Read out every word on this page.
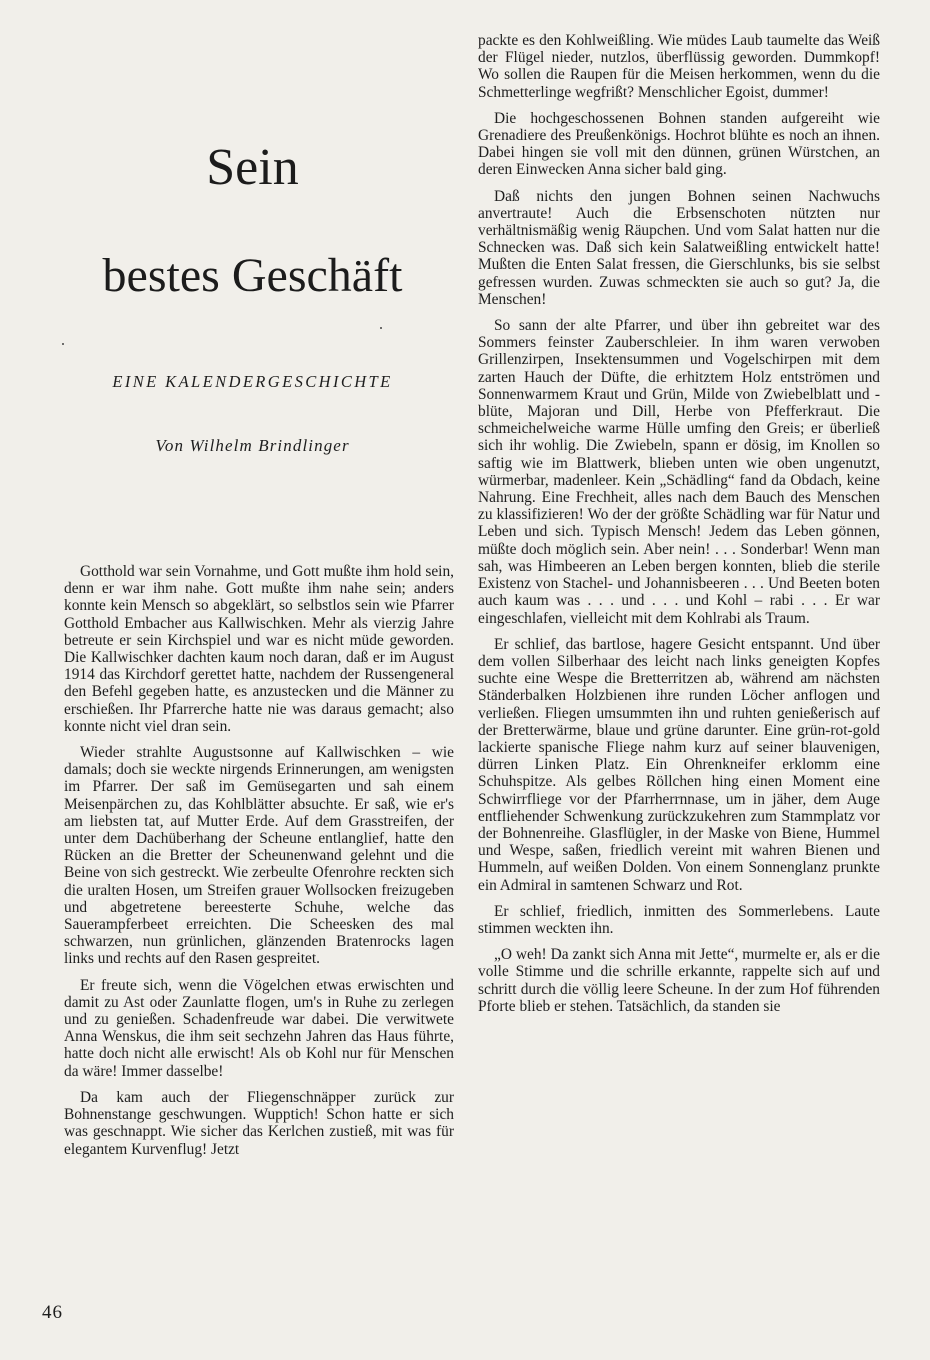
Sein
bestes Geschäft

EINE KALENDERGESCHICHTE

Von Wilhelm Brindlinger

Gotthold war sein Vornahme, und Gott mußte ihm hold sein, denn er war ihm nahe. Gott mußte ihm nahe sein; anders konnte kein Mensch so abgeklärt, so selbstlos sein wie Pfarrer Gotthold Embacher aus Kallwischken. Mehr als vierzig Jahre betreute er sein Kirchspiel und war es nicht müde geworden. Die Kallwischker dachten kaum noch daran, daß er im August 1914 das Kirchdorf gerettet hatte, nachdem der Russengeneral den Befehl gegeben hatte, es anzustecken und die Männer zu erschießen. Ihr Pfarrerche hatte nie was daraus gemacht; also konnte nicht viel dran sein.

Wieder strahlte Augustsonne auf Kallwischken – wie damals; doch sie weckte nirgends Erinnerungen, am wenigsten im Pfarrer. Der saß im Gemüsegarten und sah einem Meisenpärchen zu, das Kohlblätter absuchte. Er saß, wie er's am liebsten tat, auf Mutter Erde. Auf dem Grasstreifen, der unter dem Dachüberhang der Scheune entlanglief, hatte den Rücken an die Bretter der Scheunenwand gelehnt und die Beine von sich gestreckt. Wie zerbeulte Ofenrohre reckten sich die uralten Hosen, um Streifen grauer Wollsocken freizugeben und abgetretene bereesterte Schuhe, welche das Sauerampferbeet erreichten. Die Scheesken des mal schwarzen, nun grünlichen, glänzenden Bratenrocks lagen links und rechts auf den Rasen gespreitet.

Er freute sich, wenn die Vögelchen etwas erwischten und damit zu Ast oder Zaunlatte flogen, um's in Ruhe zu zerlegen und zu genießen. Schadenfreude war dabei. Die verwitwete Anna Wenskus, die ihm seit sechzehn Jahren das Haus führte, hatte doch nicht alle erwischt! Als ob Kohl nur für Menschen da wäre! Immer dasselbe!

Da kam auch der Fliegenschnäpper zurück zur Bohnenstange geschwungen. Wupptich! Schon hatte er sich was geschnappt. Wie sicher das Kerlchen zustieß, mit was für elegantem Kurvenflug! Jetzt

packte es den Kohlweißling. Wie müdes Laub taumelte das Weiß der Flügel nieder, nutzlos, überflüssig geworden. Dummkopf! Wo sollen die Raupen für die Meisen herkommen, wenn du die Schmetterlinge wegfrißt? Menschlicher Egoist, dummer!

Die hochgeschossenen Bohnen standen aufgereiht wie Grenadiere des Preußenkönigs. Hochrot blühte es noch an ihnen. Dabei hingen sie voll mit den dünnen, grünen Würstchen, an deren Einwecken Anna sicher bald ging.

Daß nichts den jungen Bohnen seinen Nachwuchs anvertraute! Auch die Erbsenschoten nützten nur verhältnismäßig wenig Räupchen. Und vom Salat hatten nur die Schnecken was. Daß sich kein Salatweißling entwickelt hatte! Mußten die Enten Salat fressen, die Gierschlunks, bis sie selbst gefressen wurden. Zuwas schmeckten sie auch so gut? Ja, die Menschen!

So sann der alte Pfarrer, und über ihn gebreitet war des Sommers feinster Zauberschleier. In ihm waren verwoben Grillenzirpen, Insektensummen und Vogelschirpen mit dem zarten Hauch der Düfte, die erhitztem Holz entströmen und Sonnenwarmem Kraut und Grün, Milde von Zwiebelblatt und -blüte, Majoran und Dill, Herbe von Pfefferkraut. Die schmeichelweiche warme Hülle umfing den Greis; er überließ sich ihr wohlig. Die Zwiebeln, spann er dösig, im Knollen so saftig wie im Blattwerk, blieben unten wie oben ungenutzt, würmerbar, madenleer. Kein „Schädling“ fand da Obdach, keine Nahrung. Eine Frechheit, alles nach dem Bauch des Menschen zu klassifizieren! Wo der der größte Schädling war für Natur und Leben und sich. Typisch Mensch! Jedem das Leben gönnen, müßte doch möglich sein. Aber nein! . . . Sonderbar! Wenn man sah, was Himbeeren an Leben bergen konnten, blieb die sterile Existenz von Stachel- und Johannisbeeren . . . Und Beeten boten auch kaum was . . . und . . . und Kohl – rabi . . . Er war eingeschlafen, vielleicht mit dem Kohlrabi als Traum.

Er schlief, das bartlose, hagere Gesicht entspannt. Und über dem vollen Silberhaar des leicht nach links geneigten Kopfes suchte eine Wespe die Bretterritzen ab, während am nächsten Ständerbalken Holzbienen ihre runden Löcher anflogen und verließen. Fliegen umsummten ihn und ruhten genießerisch auf der Bretterwärme, blaue und grüne darunter. Eine grün-rot-gold lackierte spanische Fliege nahm kurz auf seiner blauvenigen, dürren Linken Platz. Ein Ohrenkneifer erklomm eine Schuhspitze. Als gelbes Röllchen hing einen Moment eine Schwirrfliege vor der Pfarrherrnnase, um in jäher, dem Auge entfliehender Schwenkung zurückzukehren zum Stammplatz vor der Bohnenreihe. Glasflügler, in der Maske von Biene, Hummel und Wespe, saßen, friedlich vereint mit wahren Bienen und Hummeln, auf weißen Dolden. Von einem Sonnenglanz prunkte ein Admiral in samtenen Schwarz und Rot.

Er schlief, friedlich, inmitten des Sommerlebens. Laute stimmen weckten ihn.

„O weh! Da zankt sich Anna mit Jette“, murmelte er, als er die volle Stimme und die schrille erkannte, rappelte sich auf und schritt durch die völlig leere Scheune. In der zum Hof führenden Pforte blieb er stehen. Tatsächlich, da standen sie

46
